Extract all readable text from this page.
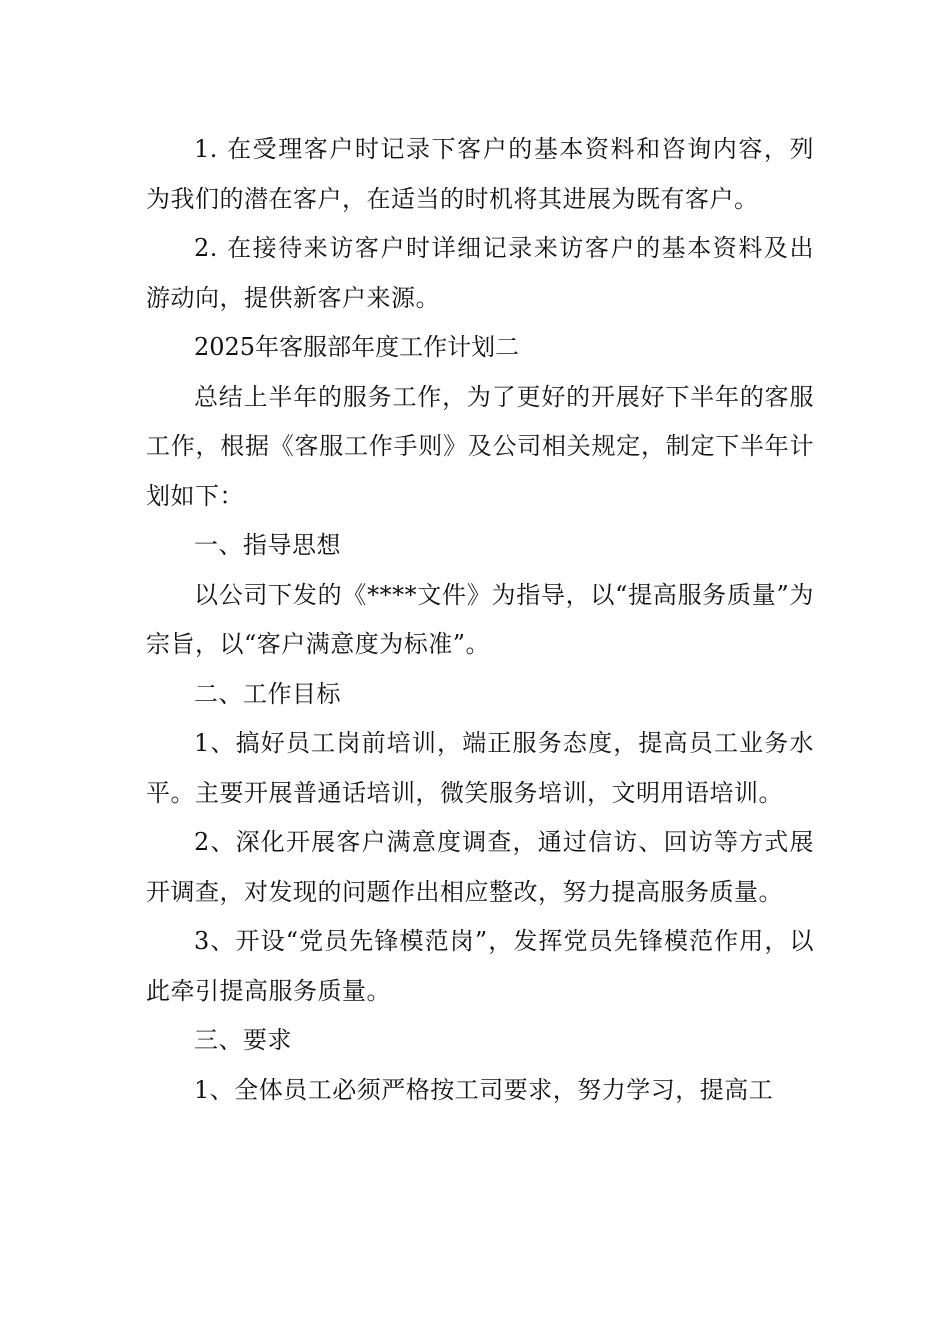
1. 在受理客户时记录下客户的基本资料和咨询内容，列为我们的潜在客户，在适当的时机将其进展为既有客户。

2. 在接待来访客户时详细记录来访客户的基本资料及出游动向，提供新客户来源。

2025年客服部年度工作计划二

总结上半年的服务工作，为了更好的开展好下半年的客服工作，根据《客服工作手则》及公司相关规定，制定下半年计划如下：

一、指导思想

以公司下发的《****文件》为指导，以“提高服务质量”为宗旨，以“客户满意度为标准”。

二、工作目标

1、搞好员工岗前培训，端正服务态度，提高员工业务水平。主要开展普通话培训，微笑服务培训，文明用语培训。

2、深化开展客户满意度调查，通过信访、回访等方式展开调查，对发现的问题作出相应整改，努力提高服务质量。

3、开设“党员先锋模范岗”，发挥党员先锋模范作用，以此牵引提高服务质量。

三、要求

1、全体员工必须严格按工司要求，努力学习，提高工
